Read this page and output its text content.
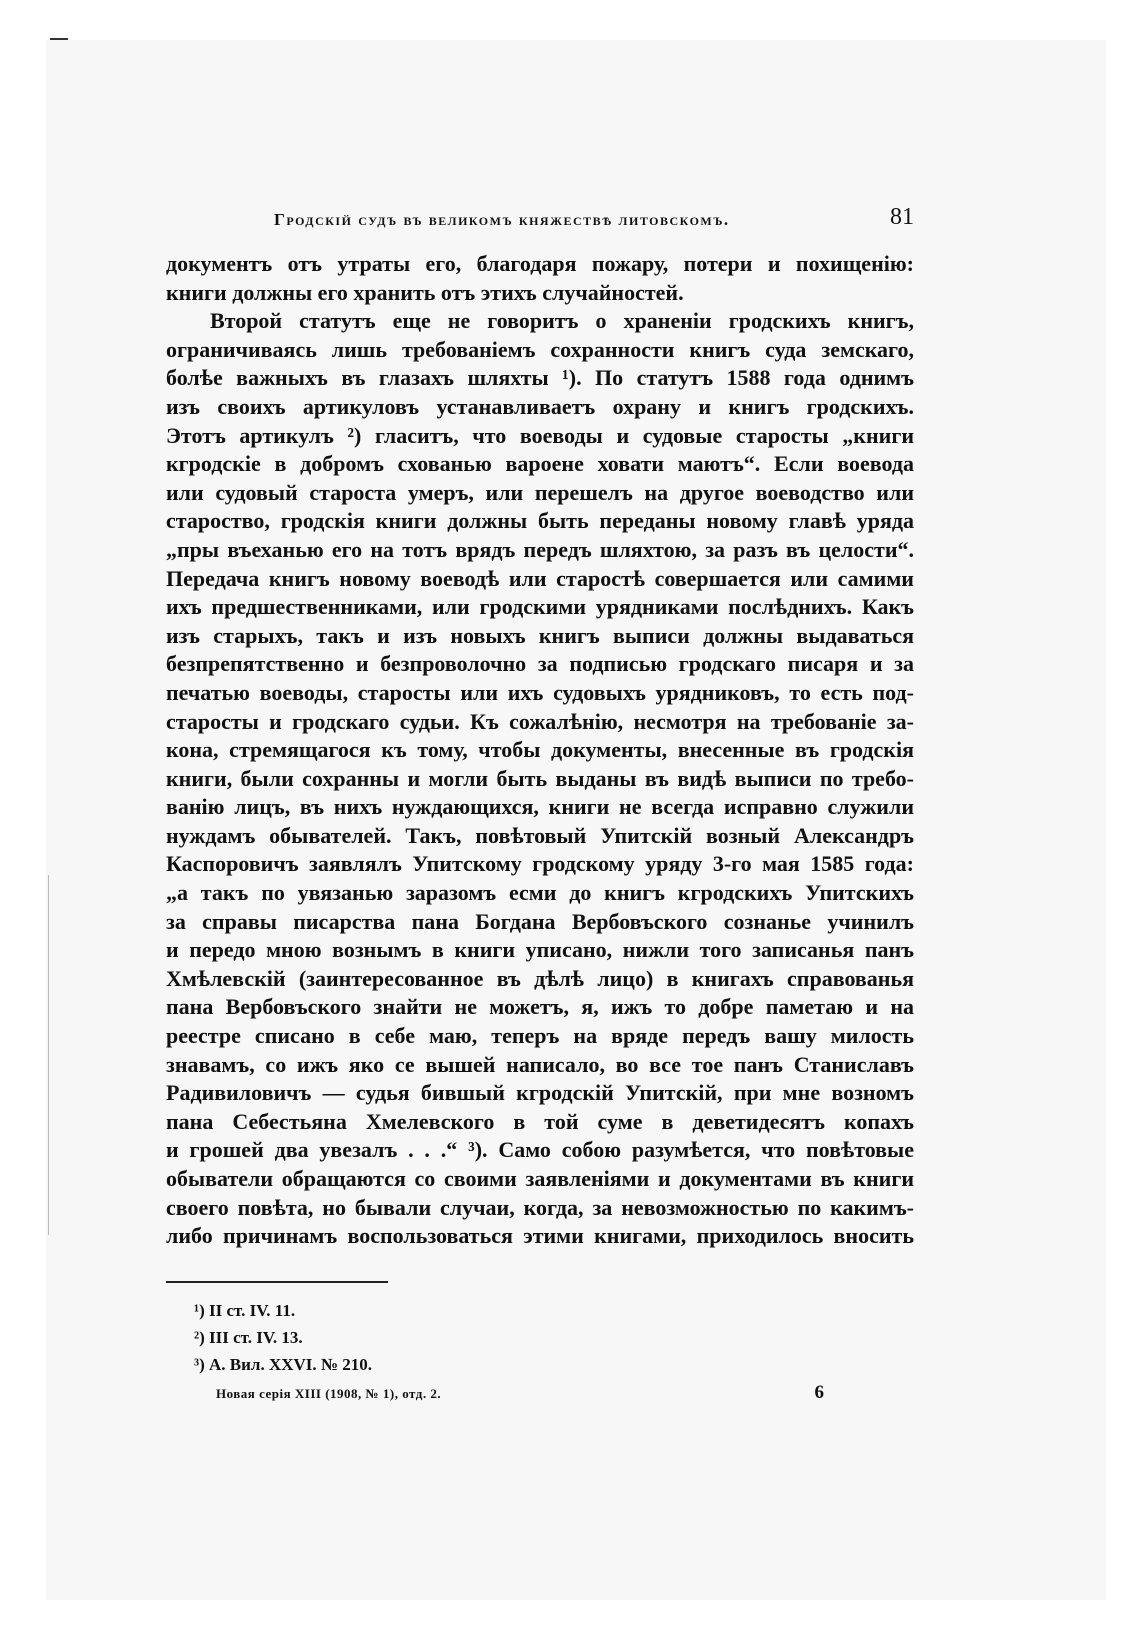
Гродскій судъ въ великомъ княжествѣ литовскомъ.	81
документъ отъ утраты его, благодаря пожару, потери и похищенію:
книги должны его хранить отъ этихъ случайностей.
Второй статутъ еще не говоритъ о храненіи гродскихъ книгъ,
ограничиваясь лишь требованіемъ сохранности книгъ суда земскаго,
болѣе важныхъ въ глазахъ шляхты ¹). По статутъ 1588 года однимъ
изъ своихъ артикуловъ устанавливаетъ охрану и книгъ гродскихъ.
Этотъ артикулъ ²) гласитъ, что воеводы и судовые старосты „книги
кгродскіе в добромъ схованью вароене ховати маютъ“. Если воевода
или судовый староста умеръ, или перешелъ на другое воеводство или
староство, гродскія книги должны быть переданы новому главѣ уряда
„пры въеханью его на тотъ врядъ передъ шляхтою, за разъ въ целости“.
Передача книгъ новому воеводѣ или старостѣ совершается или самими
ихъ предшественниками, или гродскими урядниками послѣднихъ. Какъ
изъ старыхъ, такъ и изъ новыхъ книгъ выписи должны выдаваться
безпрепятственно и безпроволочно за подписью гродскаго писаря и за
печатью воеводы, старосты или ихъ судовыхъ урядниковъ, то есть под-
старосты и гродскаго судьи. Къ сожалѣнію, несмотря на требованіе за-
кона, стремящагося къ тому, чтобы документы, внесенные въ гродскія
книги, были сохранны и могли быть выданы въ видѣ выписи по требо-
ванію лицъ, въ нихъ нуждающихся, книги не всегда исправно служили
нуждамъ обывателей. Такъ, повѣтовый Упитскій возный Александръ
Каспоровичъ заявлялъ Упитскому гродскому уряду 3-го мая 1585 года:
„а такъ по увязанью заразомъ есми до книгъ кгродскихъ Упитскихъ
за справы писарства пана Богдана Вербовъского сознанье учинилъ
и передо мною вознымъ в книги уписано, нижли того записанья панъ
Хмѣлевскій (заинтересованное въ дѣлѣ лицо) в книгахъ справованья
пана Вербовъского знайти не можетъ, я, ижъ то добре паметаю и на
реестре списано в себе маю, теперъ на вряде передъ вашу милость
знавамъ, со ижъ яко се вышей написало, во все тое панъ Станиславъ
Радивиловичъ — судья бившый кгродскій Упитскій, при мне возномъ
пана Себестьяна Хмелевского в той суме в деветидесятъ копахъ
и грошей два увезалъ . . .“ ³). Само собою разумѣется, что повѣтовые
обыватели обращаются со своими заявленіями и документами въ книги
своего повѣта, но бывали случаи, когда, за невозможностью по какимъ-
либо причинамъ воспользоваться этими книгами, приходилось вносить
¹) II ст. IV. 11.
²) III ст. IV. 13.
³) А. Вил. XXVI. № 210.
Новая серія XIII (1908, № 1), отд. 2.	6
